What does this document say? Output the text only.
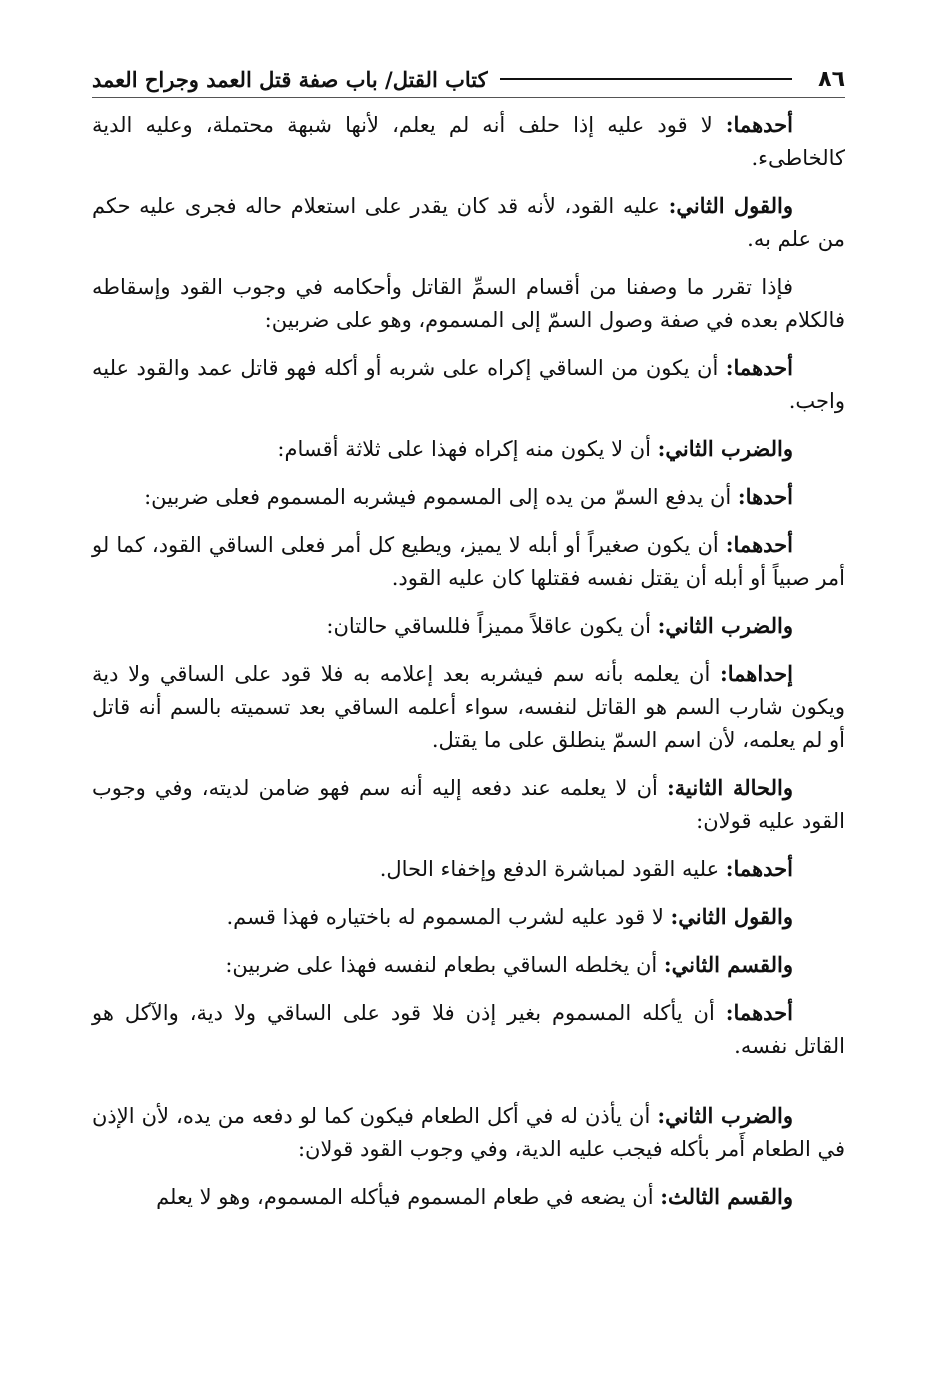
٨٦
كتاب القتل/ باب صفة قتل العمد وجراح العمد

أحدهما: لا قود عليه إذا حلف أنه لم يعلم، لأنها شبهة محتملة، وعليه الدية كالخاطىء.

والقول الثاني: عليه القود، لأنه قد كان يقدر على استعلام حاله فجرى عليه حكم من علم به.

فإذا تقرر ما وصفنا من أقسام السمِّ القاتل وأحكامه في وجوب القود وإسقاطه فالكلام بعده في صفة وصول السمّ إلى المسموم، وهو على ضربين:

أحدهما: أن يكون من الساقي إكراه على شربه أو أكله فهو قاتل عمد والقود عليه واجب.

والضرب الثاني: أن لا يكون منه إكراه فهذا على ثلاثة أقسام:

أحدها: أن يدفع السمّ من يده إلى المسموم فيشربه المسموم فعلى ضربين:

أحدهما: أن يكون صغيراً أو أبله لا يميز، ويطيع كل أمر فعلى الساقي القود، كما لو أمر صبياً أو أبله أن يقتل نفسه فقتلها كان عليه القود.

والضرب الثاني: أن يكون عاقلاً مميزاً فللساقي حالتان:

إحداهما: أن يعلمه بأنه سم فيشربه بعد إعلامه به فلا قود على الساقي ولا دية ويكون شارب السم هو القاتل لنفسه، سواء أعلمه الساقي بعد تسميته بالسم أنه قاتل أو لم يعلمه، لأن اسم السمّ ينطلق على ما يقتل.

والحالة الثانية: أن لا يعلمه عند دفعه إليه أنه سم فهو ضامن لديته، وفي وجوب القود عليه قولان:

أحدهما: عليه القود لمباشرة الدفع وإخفاء الحال.

والقول الثاني: لا قود عليه لشرب المسموم له باختياره فهذا قسم.

والقسم الثاني: أن يخلطه الساقي بطعام لنفسه فهذا على ضربين:

أحدهما: أن يأكله المسموم بغير إذن فلا قود على الساقي ولا دية، والآكل هو القاتل نفسه.

والضرب الثاني: أن يأذن له في أكل الطعام فيكون كما لو دفعه من يده، لأن الإذن في الطعام أَمر بأكله فيجب عليه الدية، وفي وجوب القود قولان:

والقسم الثالث: أن يضعه في طعام المسموم فيأكله المسموم، وهو لا يعلم
